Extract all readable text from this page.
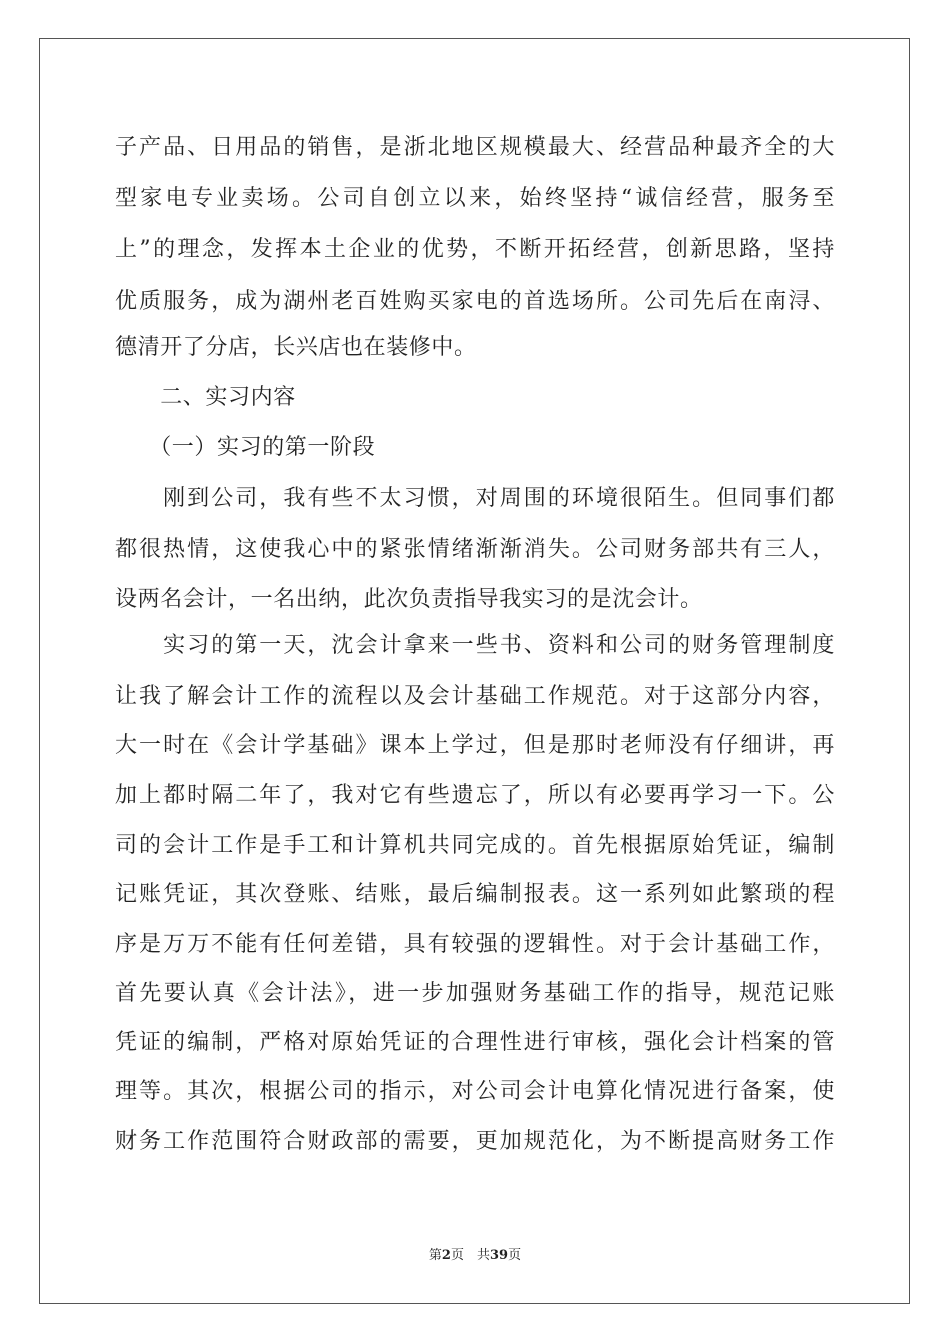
子产品、日用品的销售，是浙北地区规模最大、经营品种最齐全的大
型家电专业卖场。公司自创立以来，始终坚持“诚信经营，服务至
上”的理念，发挥本土企业的优势，不断开拓经营，创新思路，坚持
优质服务，成为湖州老百姓购买家电的首选场所。公司先后在南浔、
德清开了分店，长兴店也在装修中。
　　二、实习内容
　　（一）实习的第一阶段
　　刚到公司，我有些不太习惯，对周围的环境很陌生。但同事们都
都很热情，这使我心中的紧张情绪渐渐消失。公司财务部共有三人，
设两名会计，一名出纳，此次负责指导我实习的是沈会计。
　　实习的第一天，沈会计拿来一些书、资料和公司的财务管理制度
让我了解会计工作的流程以及会计基础工作规范。对于这部分内容，
大一时在《会计学基础》课本上学过，但是那时老师没有仔细讲，再
加上都时隔二年了，我对它有些遗忘了，所以有必要再学习一下。公
司的会计工作是手工和计算机共同完成的。首先根据原始凭证，编制
记账凭证，其次登账、结账，最后编制报表。这一系列如此繁琐的程
序是万万不能有任何差错，具有较强的逻辑性。对于会计基础工作，
首先要认真《会计法》，进一步加强财务基础工作的指导，规范记账
凭证的编制，严格对原始凭证的合理性进行审核，强化会计档案的管
理等。其次，根据公司的指示，对公司会计电算化情况进行备案，使
财务工作范围符合财政部的需要，更加规范化，为不断提高财务工作
第2页　 共39页
